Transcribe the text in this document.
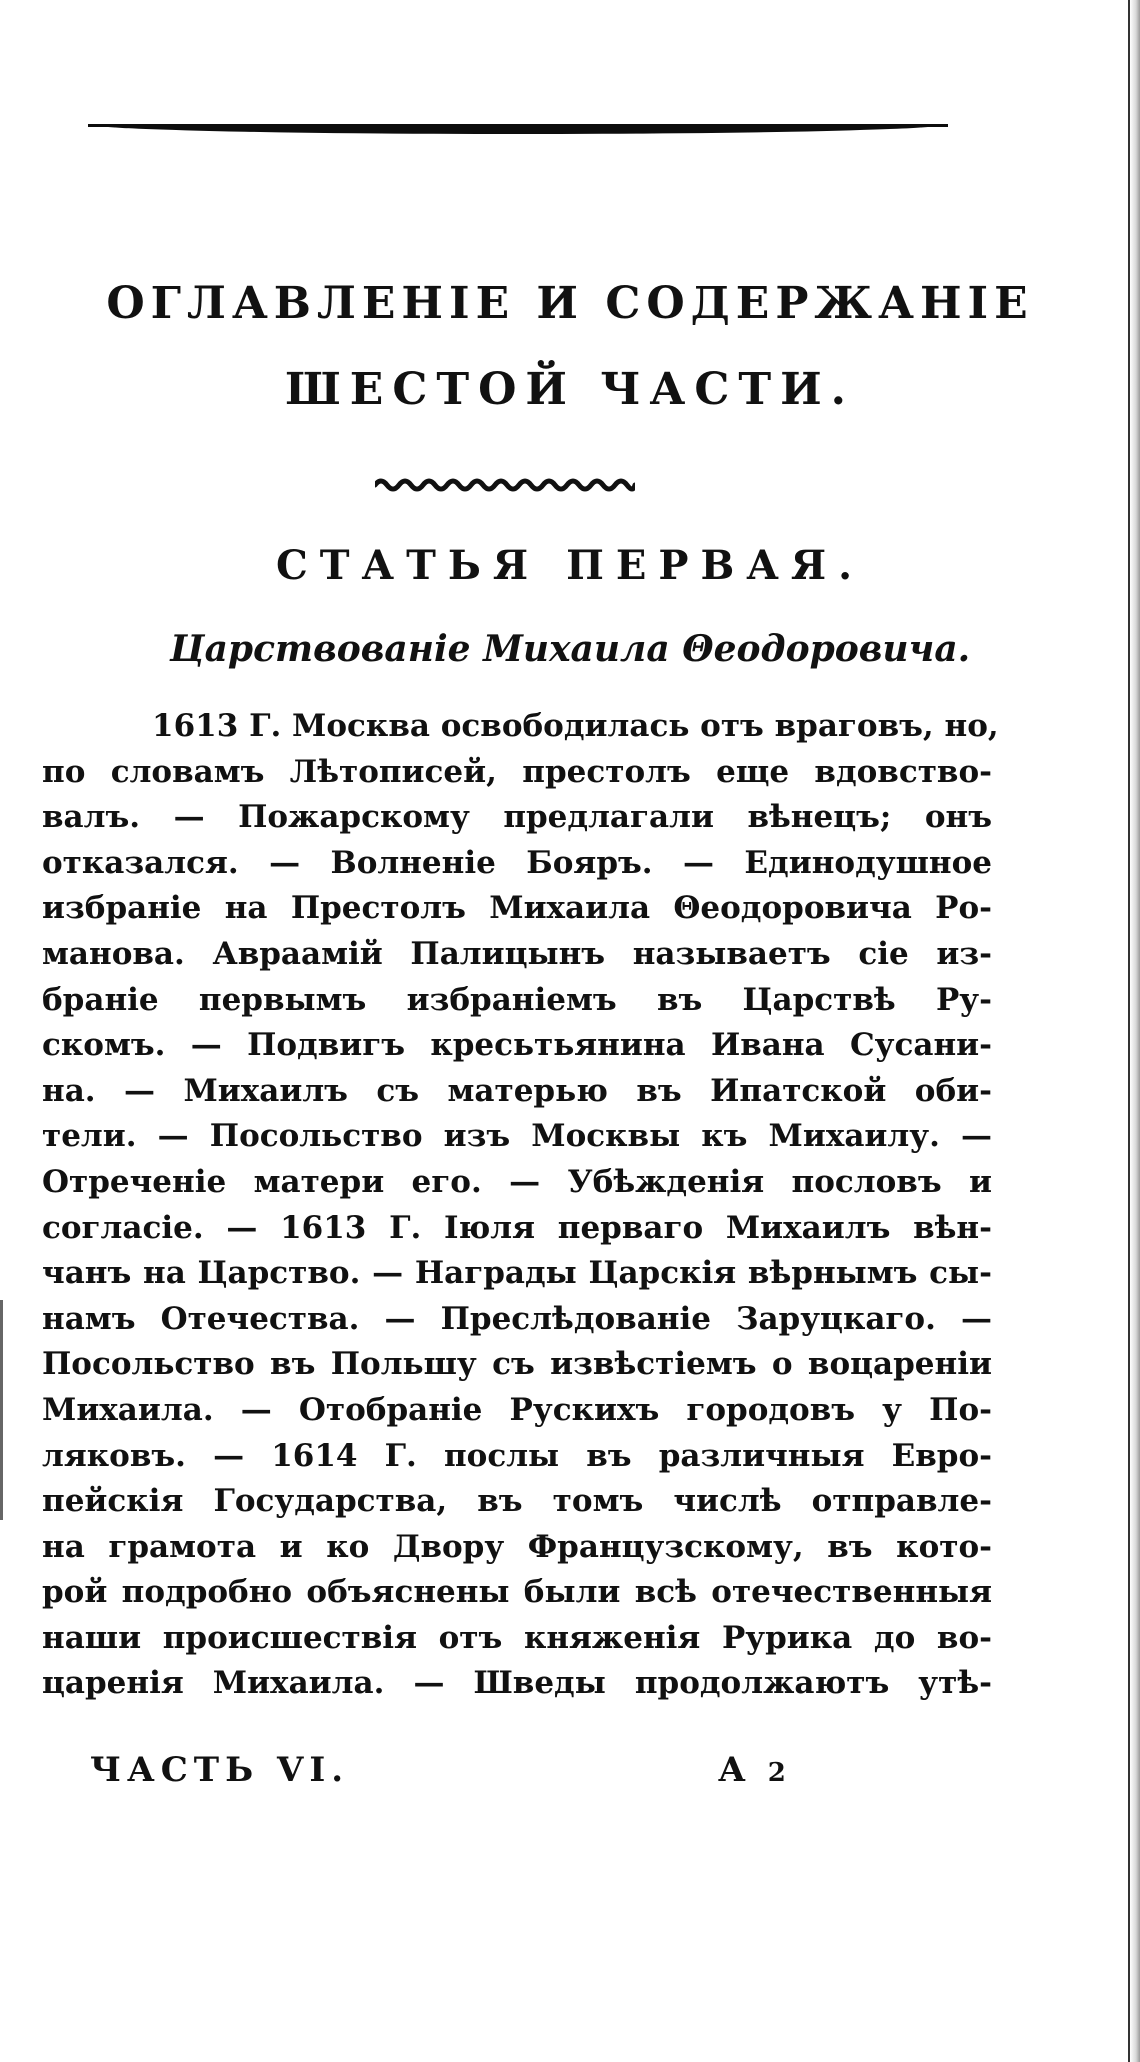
ОГЛАВЛЕНІЕ И СОДЕРЖАНІЕ
ШЕСТОЙ ЧАСТИ.
СТАТЬЯ ПЕРВАЯ.
Царствованіе Михаила Θеодоровича.
1613 Г. Москва освободилась отъ враговъ, но,
по словамъ Лѣтописей, престолъ еще вдовство-
валъ. — Пожарскому предлагали вѣнецъ; онъ
отказался. — Волненіе Бояръ. — Единодушное
избраніе на Престолъ Михаила Θеодоровича Ро-
манова. Авраамій Палицынъ называетъ сіе из-
браніе первымъ избраніемъ въ Царствѣ Ру-
скомъ. — Подвигъ кресьтьянина Ивана Сусани-
на. — Михаилъ съ матерью въ Ипатской оби-
тели. — Посольство изъ Москвы къ Михаилу. —
Отреченіе матери его. — Убѣжденія пословъ и
согласіе. — 1613 Г. Іюля перваго Михаилъ вѣн-
чанъ на Царство. — Награды Царскія вѣрнымъ сы-
намъ Отечества. — Преслѣдованіе Заруцкаго. —
Посольство въ Польшу съ извѣстіемъ о воцареніи
Михаила. — Отобраніе Рускихъ городовъ у По-
ляковъ. — 1614 Г. послы въ различныя Евро-
пейскія Государства, въ томъ числѣ отправле-
на грамота и ко Двору Французскому, въ кото-
рой подробно объяснены были всѣ отечественныя
наши происшествія отъ княженія Рурика до во-
царенія Михаила. — Шведы продолжаютъ утѣ-
ЧАСТЬ VI.	А 2
